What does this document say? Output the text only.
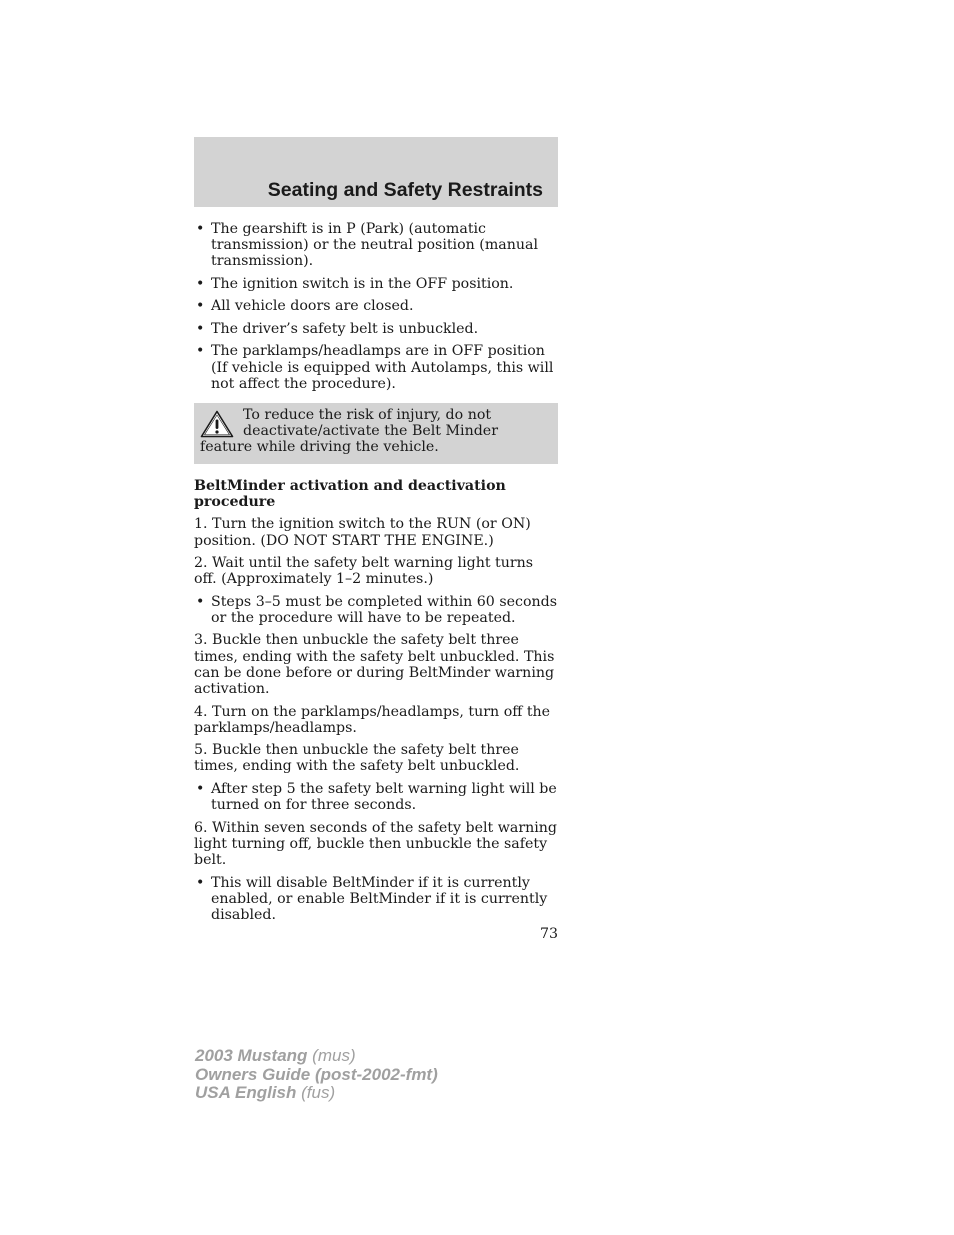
Seating and Safety Restraints
• The gearshift is in P (Park) (automatic transmission) or the neutral position (manual transmission).
• The ignition switch is in the OFF position.
• All vehicle doors are closed.
• The driver’s safety belt is unbuckled.
• The parklamps/headlamps are in OFF position (If vehicle is equipped with Autolamps, this will not affect the procedure).
To reduce the risk of injury, do not deactivate/activate the Belt Minder feature while driving the vehicle.
BeltMinder activation and deactivation procedure
1. Turn the ignition switch to the RUN (or ON) position. (DO NOT START THE ENGINE.)
2. Wait until the safety belt warning light turns off. (Approximately 1–2 minutes.)
• Steps 3–5 must be completed within 60 seconds or the procedure will have to be repeated.
3. Buckle then unbuckle the safety belt three times, ending with the safety belt unbuckled. This can be done before or during BeltMinder warning activation.
4. Turn on the parklamps/headlamps, turn off the parklamps/headlamps.
5. Buckle then unbuckle the safety belt three times, ending with the safety belt unbuckled.
• After step 5 the safety belt warning light will be turned on for three seconds.
6. Within seven seconds of the safety belt warning light turning off, buckle then unbuckle the safety belt.
• This will disable BeltMinder if it is currently enabled, or enable BeltMinder if it is currently disabled.
73
2003 Mustang (mus)
Owners Guide (post-2002-fmt)
USA English (fus)
